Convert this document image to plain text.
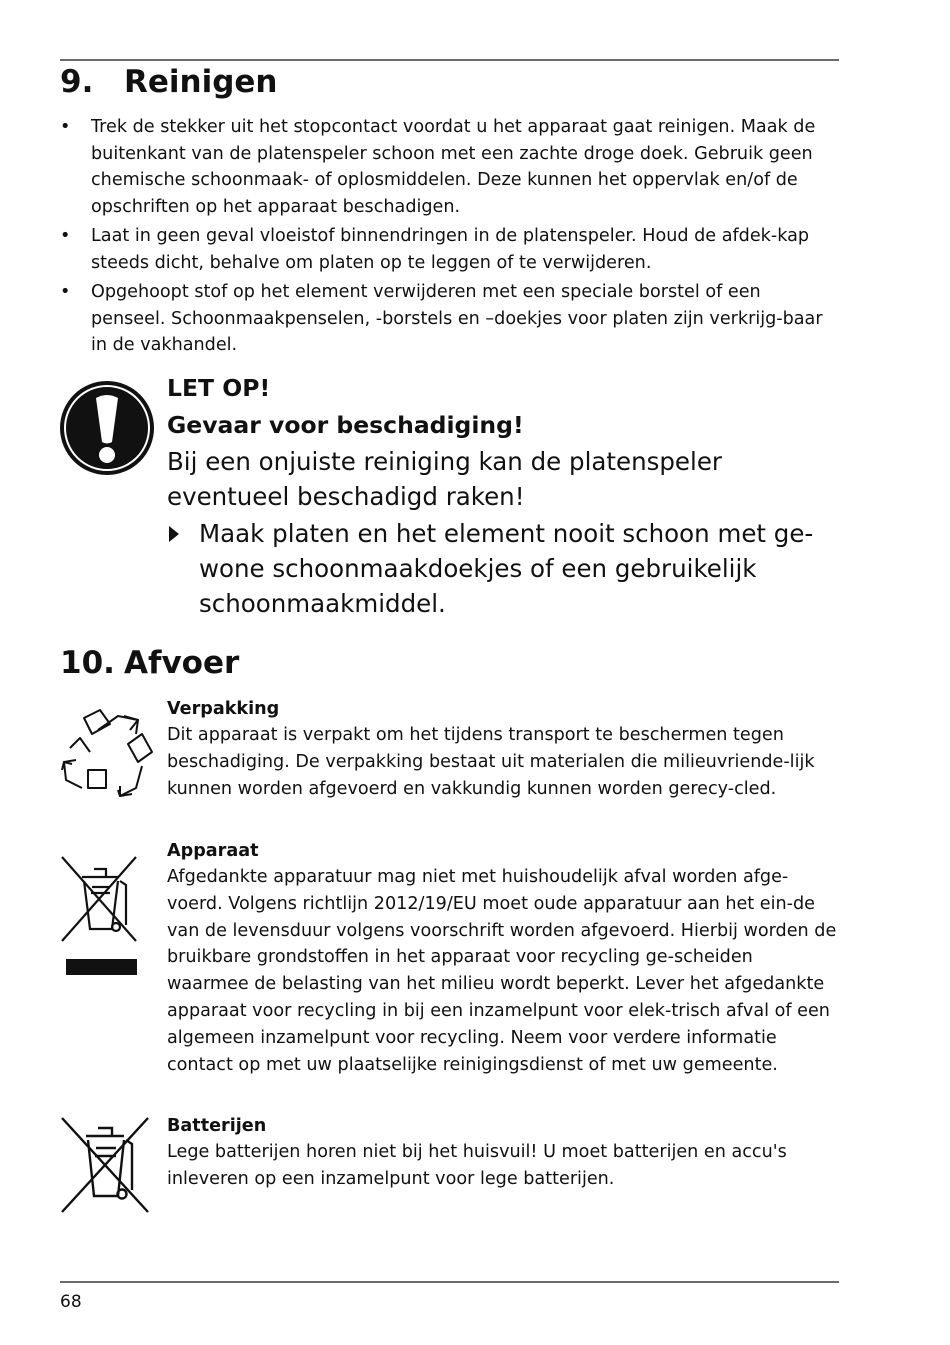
9. Reinigen
• Trek de stekker uit het stopcontact voordat u het apparaat gaat reinigen. Maak de buitenkant van de platenspeler schoon met een zachte droge doek. Gebruik geen chemische schoonmaak- of oplosmiddelen. Deze kunnen het oppervlak en/of de opschriften op het apparaat beschadigen.
• Laat in geen geval vloeistof binnendringen in de platenspeler. Houd de afdek-kap steeds dicht, behalve om platen op te leggen of te verwijderen.
• Opgehoopt stof op het element verwijderen met een speciale borstel of een penseel. Schoonmaakpenselen, -borstels en –doekjes voor platen zijn verkrijg-baar in de vakhandel.
LET OP!
Gevaar voor beschadiging!
Bij een onjuiste reiniging kan de platenspeler eventueel beschadigd raken!
Maak platen en het element nooit schoon met ge-wone schoonmaakdoekjes of een gebruikelijk schoonmaakmiddel.
10. Afvoer
Verpakking
Dit apparaat is verpakt om het tijdens transport te beschermen tegen beschadiging. De verpakking bestaat uit materialen die milieuvriende-lijk kunnen worden afgevoerd en vakkundig kunnen worden gerecy-cled.
Apparaat
Afgedankte apparatuur mag niet met huishoudelijk afval worden afge-voerd. Volgens richtlijn 2012/19/EU moet oude apparatuur aan het ein-de van de levensduur volgens voorschrift worden afgevoerd. Hierbij worden de bruikbare grondstoffen in het apparaat voor recycling ge-scheiden waarmee de belasting van het milieu wordt beperkt. Lever het afgedankte apparaat voor recycling in bij een inzamelpunt voor elek-trisch afval of een algemeen inzamelpunt voor recycling. Neem voor verdere informatie contact op met uw plaatselijke reinigingsdienst of met uw gemeente.
Batterijen
Lege batterijen horen niet bij het huisvuil! U moet batterijen en accu's inleveren op een inzamelpunt voor lege batterijen.
68
